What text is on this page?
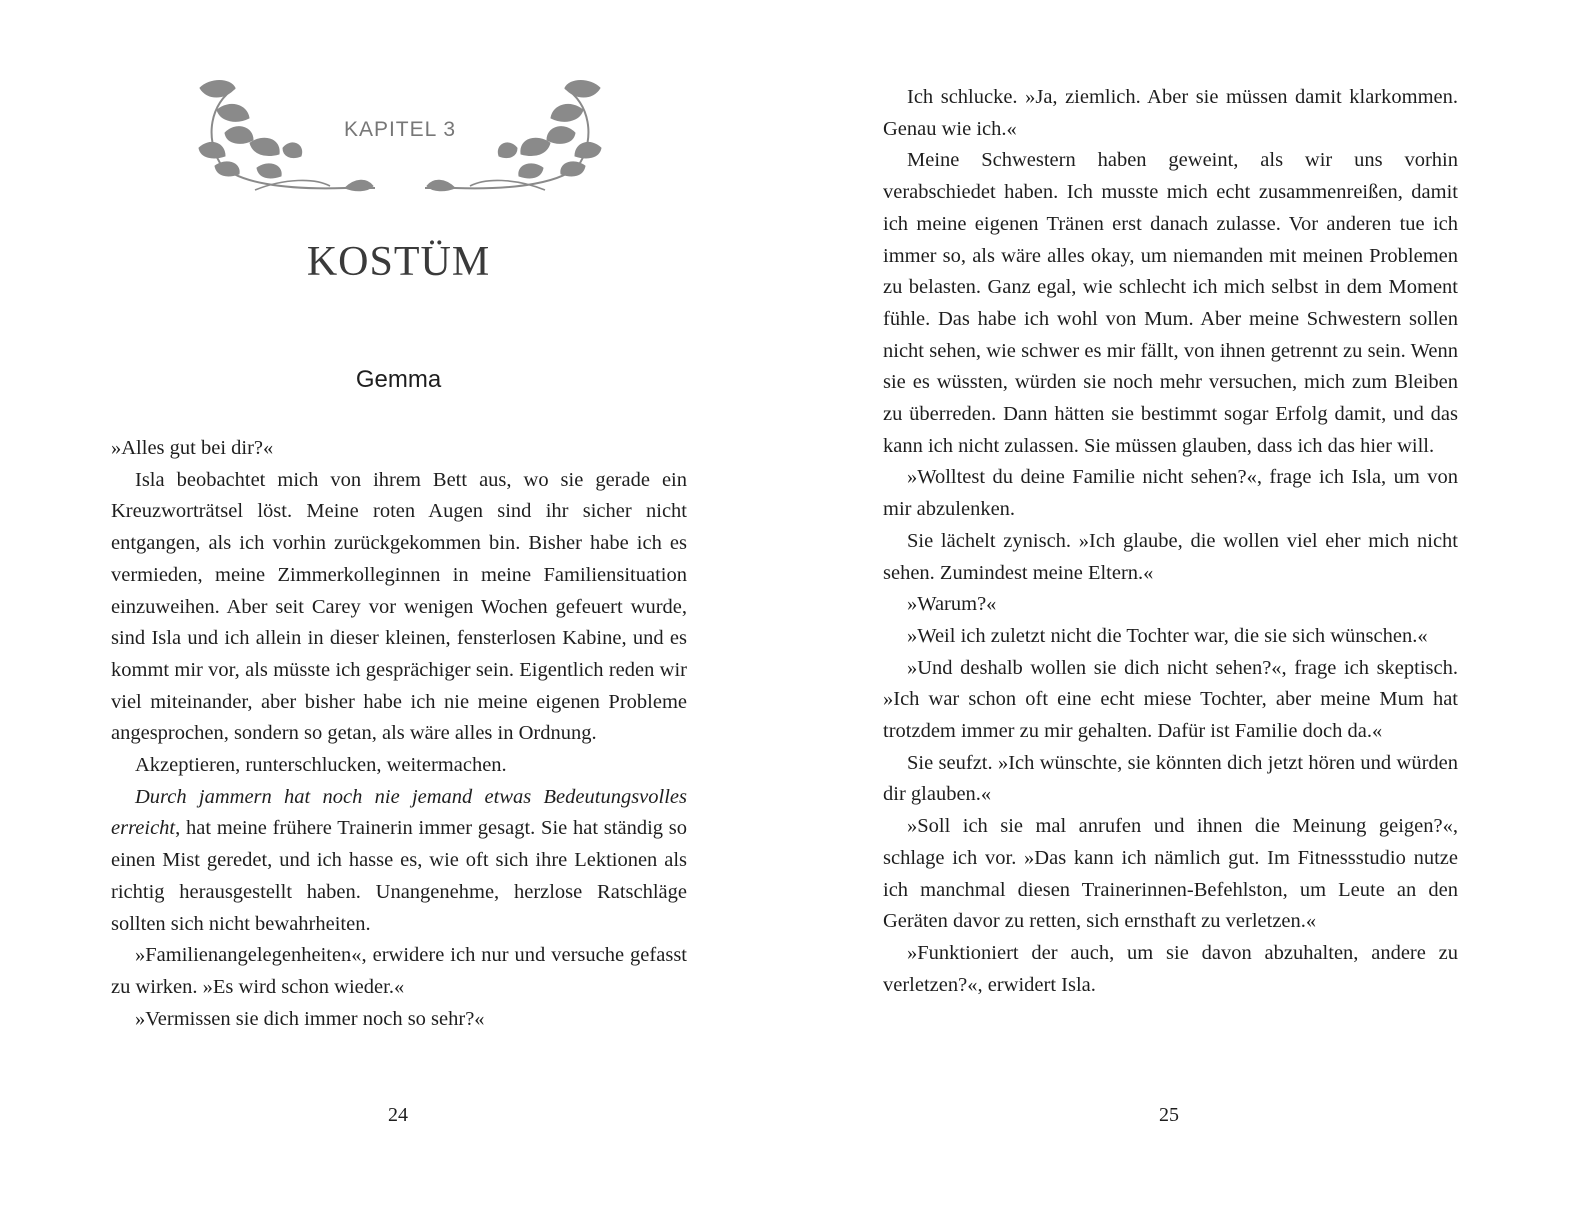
KAPITEL 3
KOSTÜM
Gemma

»Alles gut bei dir?«

Isla beobachtet mich von ihrem Bett aus, wo sie gerade ein Kreuzworträtsel löst. Meine roten Augen sind ihr sicher nicht entgangen, als ich vorhin zurückgekommen bin. Bisher habe ich es vermieden, meine Zimmerkolleginnen in meine Familiensituation einzuweihen. Aber seit Carey vor wenigen Wochen gefeuert wurde, sind Isla und ich allein in dieser kleinen, fensterlosen Kabine, und es kommt mir vor, als müsste ich gesprächiger sein. Eigentlich reden wir viel miteinander, aber bisher habe ich nie meine eigenen Probleme angesprochen, sondern so getan, als wäre alles in Ordnung.

Akzeptieren, runterschlucken, weitermachen.

Durch jammern hat noch nie jemand etwas Bedeutungsvolles erreicht, hat meine frühere Trainerin immer gesagt. Sie hat ständig so einen Mist geredet, und ich hasse es, wie oft sich ihre Lektionen als richtig herausgestellt haben. Unangenehme, herzlose Ratschläge sollten sich nicht bewahrheiten.

»Familienangelegenheiten«, erwidere ich nur und versuche gefasst zu wirken. »Es wird schon wieder.«

»Vermissen sie dich immer noch so sehr?«

24

Ich schlucke. »Ja, ziemlich. Aber sie müssen damit klarkommen. Genau wie ich.«

Meine Schwestern haben geweint, als wir uns vorhin verabschiedet haben. Ich musste mich echt zusammenreißen, damit ich meine eigenen Tränen erst danach zulasse. Vor anderen tue ich immer so, als wäre alles okay, um niemanden mit meinen Problemen zu belasten. Ganz egal, wie schlecht ich mich selbst in dem Moment fühle. Das habe ich wohl von Mum. Aber meine Schwestern sollen nicht sehen, wie schwer es mir fällt, von ihnen getrennt zu sein. Wenn sie es wüssten, würden sie noch mehr versuchen, mich zum Bleiben zu überreden. Dann hätten sie bestimmt sogar Erfolg damit, und das kann ich nicht zulassen. Sie müssen glauben, dass ich das hier will.

»Wolltest du deine Familie nicht sehen?«, frage ich Isla, um von mir abzulenken.

Sie lächelt zynisch. »Ich glaube, die wollen viel eher mich nicht sehen. Zumindest meine Eltern.«

»Warum?«

»Weil ich zuletzt nicht die Tochter war, die sie sich wünschen.«

»Und deshalb wollen sie dich nicht sehen?«, frage ich skeptisch. »Ich war schon oft eine echt miese Tochter, aber meine Mum hat trotzdem immer zu mir gehalten. Dafür ist Familie doch da.«

Sie seufzt. »Ich wünschte, sie könnten dich jetzt hören und würden dir glauben.«

»Soll ich sie mal anrufen und ihnen die Meinung geigen?«, schlage ich vor. »Das kann ich nämlich gut. Im Fitnessstudio nutze ich manchmal diesen Trainerinnen-Befehlston, um Leute an den Geräten davor zu retten, sich ernsthaft zu verletzen.«

»Funktioniert der auch, um sie davon abzuhalten, andere zu verletzen?«, erwidert Isla.

25
